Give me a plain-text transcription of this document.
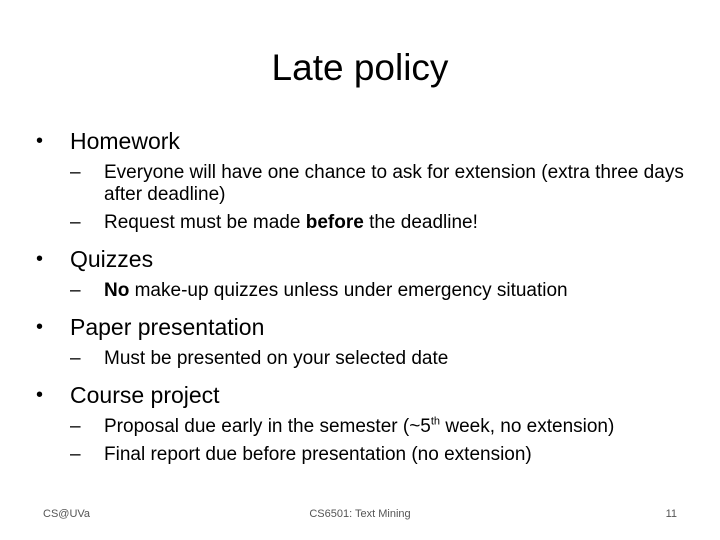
Late policy
• Homework
– Everyone will have one chance to ask for extension (extra three days after deadline)
– Request must be made before the deadline!
• Quizzes
– No make-up quizzes unless under emergency situation
• Paper presentation
– Must be presented on your selected date
• Course project
– Proposal due early in the semester (~5th week, no extension)
– Final report due before presentation (no extension)
CS@UVa	CS6501: Text Mining	11
